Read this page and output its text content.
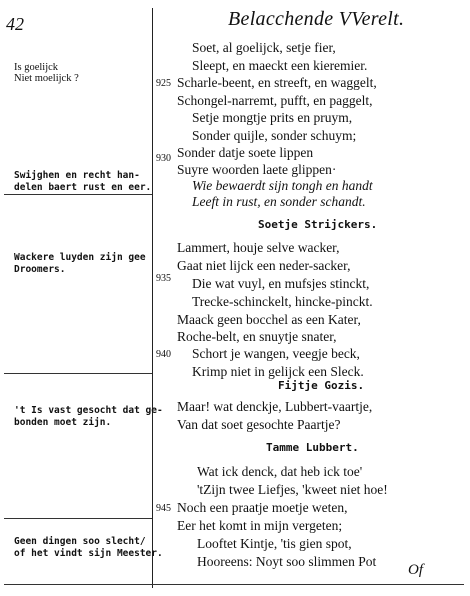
42	Belacchende VVerelt.
Is goelijck
Niet moelijck ?
Swijghen en recht han-
delen baert rust en eer.
Wackere luyden zijn gee
Droomers.
't Is vast gesocht dat ge-
bonden moet zijn.
Geen dingen soo slecht/
of het vindt sijn Meester.
925
930
935
940
945
Soetje Strijckers.
Fijtje Gozis.
Tamme Lubbert.
Soet, al goelijck, setje fier,
Sleept, en maeckt een kieremier.
Scharle-beent, en streeft, en waggelt,
Schongel-narremt, pufft, en paggelt,
Setje mongtje prits en pruym,
Sonder quijle, sonder schuym;
Sonder datje soete lippen
Suyre woorden laete glippen·
Wie bewaerdt sijn tongh en handt
Leeft in rust, en sonder schandt.
Lammert, houje selve wacker,
Gaat niet lijck een neder-sacker,
Die wat vuyl, en mufsjes stinckt,
Trecke-schinckelt, hincke-pinckt.
Maack geen bocchel as een Kater,
Roche-belt, en snuytje snater,
Schort je wangen, veegje beck,
Krimp niet in gelijck een Sleck.
Maar! wat denckje, Lubbert-vaartje,
Van dat soet gesochte Paartje?
Wat ick denck, dat heb ick toe'
'tZijn twee Liefjes, 'kweet niet hoe!
Noch een praatje moetje weten,
Eer het komt in mijn vergeten;
Looftet Kintje, 'tis gien spot,
Hooreens: Noyt soo slimmen Pot
Of
